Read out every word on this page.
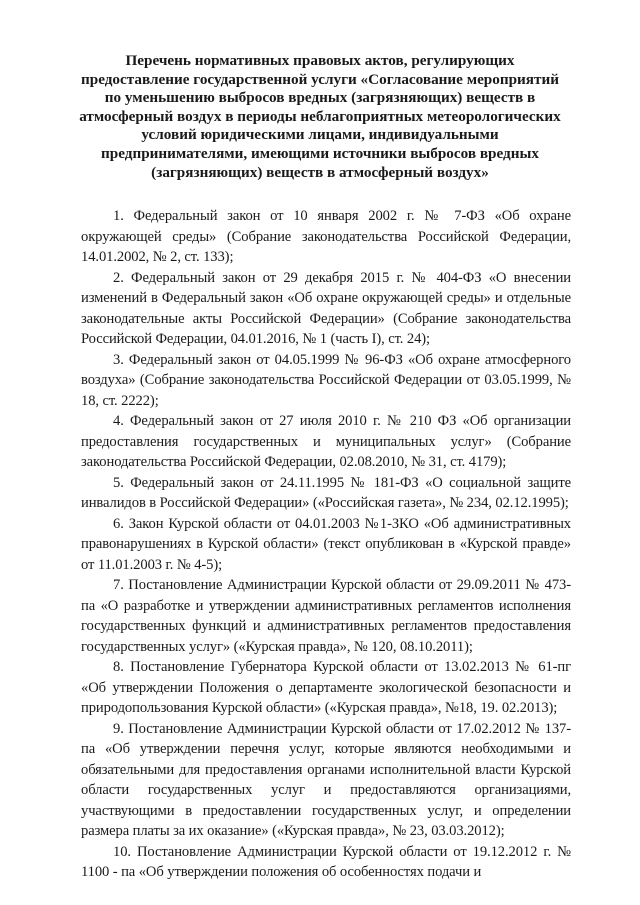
Перечень нормативных правовых актов, регулирующих
предоставление государственной услуги «Согласование мероприятий
по уменьшению выбросов вредных (загрязняющих) веществ в
атмосферный воздух в периоды неблагоприятных метеорологических
условий юридическими лицами, индивидуальными
предпринимателями, имеющими источники выбросов вредных
(загрязняющих) веществ в атмосферный воздух»

1. Федеральный закон от 10 января 2002 г. № 7-ФЗ «Об охране окружающей среды» (Собрание законодательства Российской Федерации, 14.01.2002, № 2, ст. 133);

2. Федеральный закон от 29 декабря 2015 г. № 404-ФЗ «О внесении изменений в Федеральный закон «Об охране окружающей среды» и отдельные законодательные акты Российской Федерации» (Собрание законодательства Российской Федерации, 04.01.2016, № 1 (часть I), ст. 24);

3. Федеральный закон от 04.05.1999 № 96-ФЗ «Об охране атмосферного воздуха» (Собрание законодательства Российской Федерации от 03.05.1999, № 18, ст. 2222);

4. Федеральный закон от 27 июля 2010 г. № 210 ФЗ «Об организации предоставления государственных и муниципальных услуг» (Собрание законодательства Российской Федерации, 02.08.2010, № 31, ст. 4179);

5. Федеральный закон от 24.11.1995 № 181-ФЗ «О социальной защите инвалидов в Российской Федерации» («Российская газета», № 234, 02.12.1995);

6. Закон Курской области от 04.01.2003 №1-ЗКО «Об административных правонарушениях в Курской области» (текст опубликован в «Курской правде» от 11.01.2003 г. № 4-5);

7. Постановление Администрации Курской области от 29.09.2011 № 473-па «О разработке и утверждении административных регламентов исполнения государственных функций и административных регламентов предоставления государственных услуг» («Курская правда», № 120, 08.10.2011);

8. Постановление Губернатора Курской области от 13.02.2013 № 61-пг «Об утверждении Положения о департаменте экологической безопасности и природопользования Курской области» («Курская правда», №18, 19. 02.2013);

9. Постановление Администрации Курской области от 17.02.2012 № 137-па «Об утверждении перечня услуг, которые являются необходимыми и обязательными для предоставления органами исполнительной власти Курской области государственных услуг и предоставляются организациями, участвующими в предоставлении государственных услуг, и определении размера платы за их оказание» («Курская правда», № 23, 03.03.2012);

10. Постановление Администрации Курской области от 19.12.2012 г. № 1100 - па «Об утверждении положения об особенностях подачи и
